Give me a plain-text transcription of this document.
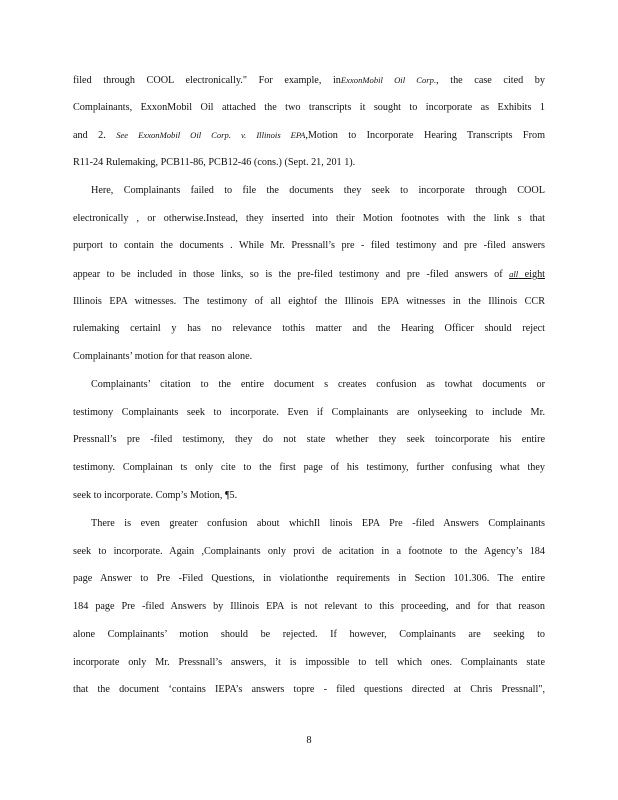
filed through COOL electronically." For example, inExxonMobil Oil Corp., the case cited by
Complainants, ExxonMobil Oil attached the two transcripts it sought to incorporate as Exhibits 1
and 2. See ExxonMobil Oil Corp. v. Illinois EPA,Motion to Incorporate Hearing Transcripts From
R11-24 Rulemaking, PCB11-86, PCB12-46 (cons.) (Sept. 21, 201 1).
Here, Complainants failed to file the documents they seek to incorporate through COOL
electronically , or otherwise.Instead, they inserted into their Motion footnotes with the link s that
purport to contain the documents . While Mr. Pressnall’s pre - filed testimony and pre -filed answers
appear to be included in those links, so is the pre-filed testimony and pre -filed answers of all eight
Illinois EPA witnesses. The testimony of all eightof the Illinois EPA witnesses in the Illinois CCR
rulemaking certainl y has no relevance tothis matter and the Hearing Officer should reject
Complainants’ motion for that reason alone.
Complainants’ citation to the entire document s creates confusion as towhat documents or
testimony Complainants seek to incorporate. Even if Complainants are onlyseeking to include Mr.
Pressnall’s pre -filed testimony, they do not state whether they seek toincorporate his entire
testimony. Complainan ts only cite to the first page of his testimony, further confusing what they
seek to incorporate. Comp’s Motion, ¶5.
There is even greater confusion about whichIl linois EPA Pre -filed Answers Complainants
seek to incorporate. Again ,Complainants only provi de acitation in a footnote to the Agency’s 184
page Answer to Pre -Filed Questions, in violationthe requirements in Section 101.306. The entire
184 page Pre -filed Answers by Illinois EPA is not relevant to this proceeding, and for that reason
alone Complainants’ motion should be rejected. If however, Complainants are seeking to
incorporate only Mr. Pressnall’s answers, it is impossible to tell which ones. Complainants state
that the document ‘contains IEPA’s answers topre - filed questions directed at Chris Pressnall",
8
